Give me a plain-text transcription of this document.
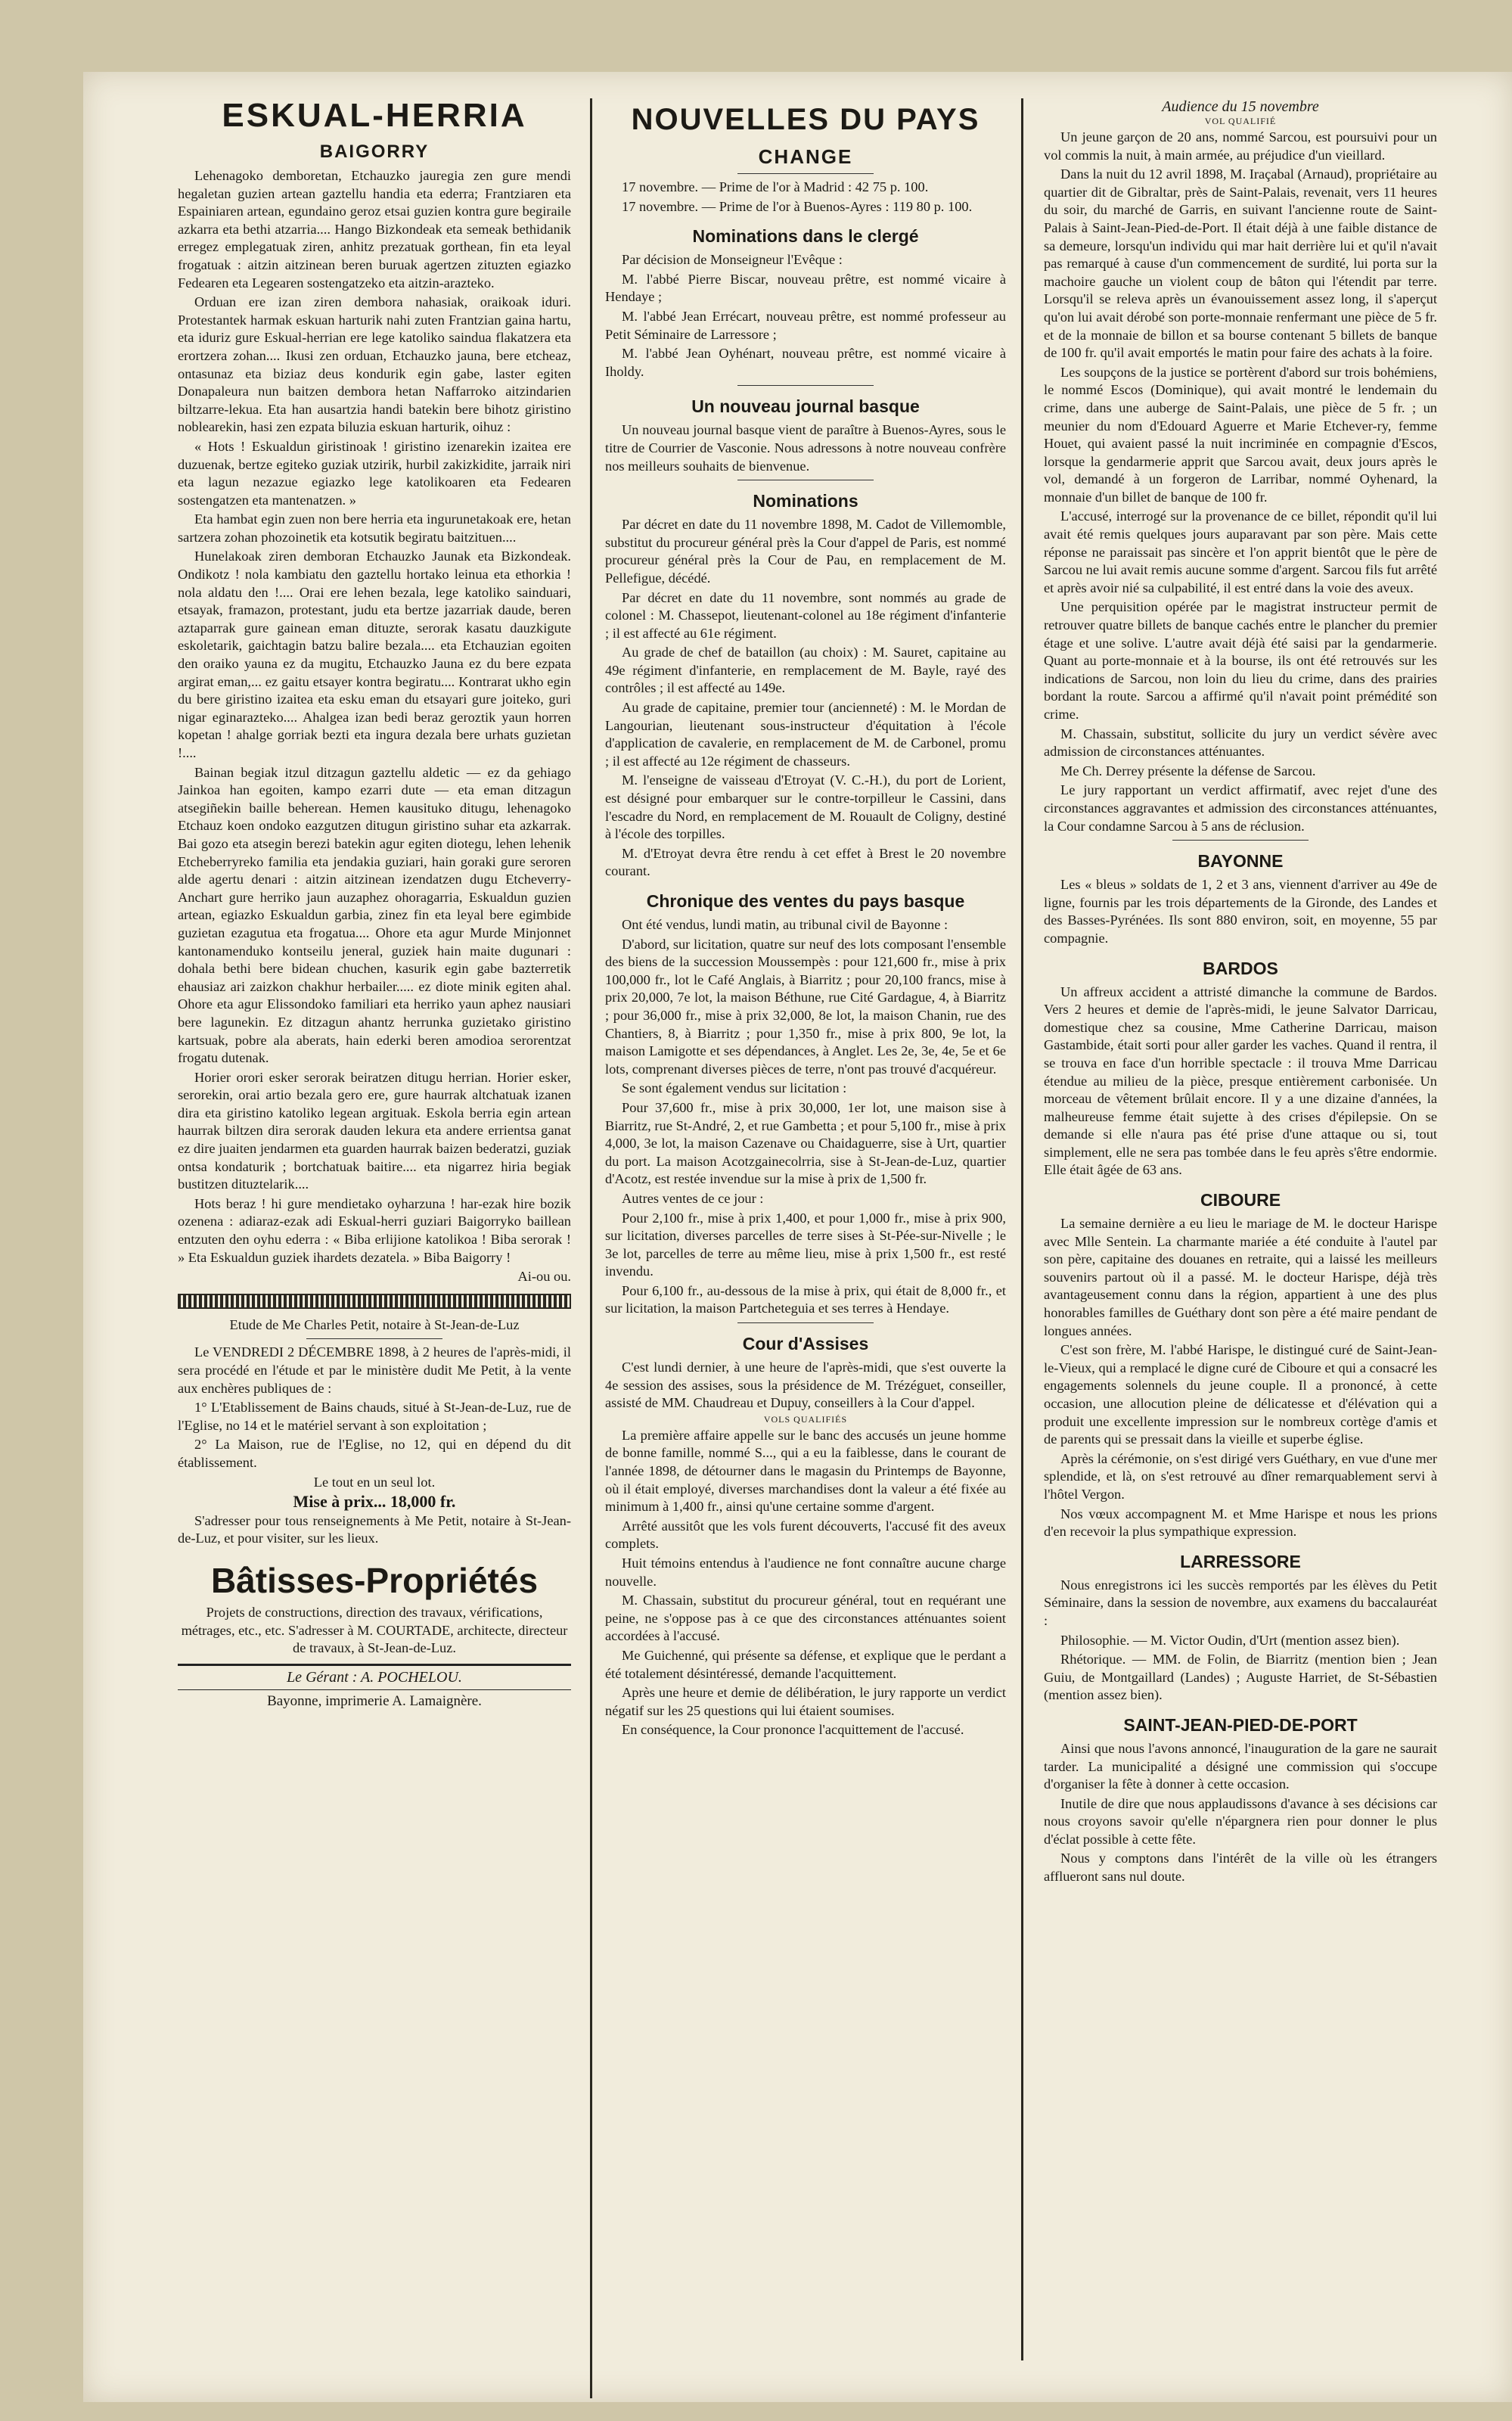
ESKUAL-HERRIA
BAIGORRY

Lehenagoko demboretan, Etchauzko jauregia zen gure mendi hegaletan guzien artean gaztellu handia eta ederra; Frantziaren eta Espainiaren artean, egundaino geroz etsai guzien kontra gure begiraile azkarra eta bethi atzarria.... Hango Bizkondeak eta semeak bethidanik erregez emplegatuak ziren, anhitz prezatuak gorthean, fin eta leyal frogatuak : aitzin aitzinean beren buruak agertzen zituzten egiazko Fedearen eta Legearen sostengatzeko eta aitzin-arazteko.

Orduan ere izan ziren dembora nahasiak, oraikoak iduri. Protestantek harmak eskuan harturik nahi zuten Frantzian gaina hartu, eta iduriz gure Eskual-herrian ere lege katoliko saindua flakatzera eta erortzera zohan.... Ikusi zen orduan, Etchauzko jauna, bere etcheaz, ontasunaz eta biziaz deus kondurik egin gabe, laster egiten Donapaleura nun baitzen dembora hetan Naffarroko aitzindarien biltzarre-lekua. Eta han ausartzia handi batekin bere bihotz giristino noblearekin, hasi zen ezpata biluzia eskuan harturik, oihuz :

« Hots ! Eskualdun giristinoak ! giristino izenarekin izaitea ere duzuenak, bertze egiteko guziak utzirik, hurbil zakizkidite, jarraik niri eta lagun nezazue egiazko lege katolikoaren eta Fedearen sostengatzen eta mantenatzen. »

Eta hambat egin zuen non bere herria eta ingurunetakoak ere, hetan sartzera zohan phozoinetik eta kotsutik begiratu baitzituen....

Hunelakoak ziren demboran Etchauzko Jaunak eta Bizkondeak. Ondikotz ! nola kambiatu den gaztellu hortako leinua eta ethorkia ! nola aldatu den !.... Orai ere lehen bezala, lege katoliko sainduari, etsayak, framazon, protestant, judu eta bertze jazarriak daude, beren aztaparrak gure gainean eman dituzte, serorak kasatu dauzkigute eskoletarik, gaichtagin batzu balire bezala.... eta Etchauzian egoiten den oraiko yauna ez da mugitu, Etchauzko Jauna ez du bere ezpata argirat eman,... ez gaitu etsayer kontra begiratu.... Kontrarat ukho egin du bere giristino izaitea eta esku eman du etsayari gure joiteko, guri nigar eginarazteko.... Ahalgea izan bedi beraz geroztik yaun horren kopetan ! ahalge gorriak bezti eta ingura dezala bere urhats guzietan !....

Bainan begiak itzul ditzagun gaztellu aldetic — ez da gehiago Jainkoa han egoiten, kampo ezarri dute — eta eman ditzagun atsegiñekin baille beherean. Hemen kausituko ditugu, lehenagoko Etchauz koen ondoko eazgutzen ditugun giristino suhar eta azkarrak. Bai gozo eta atsegin berezi batekin agur egiten diotegu, lehen lehenik Etcheberryreko familia eta jendakia guziari, hain goraki gure seroren alde agertu denari : aitzin aitzinean izendatzen dugu Etcheverry-Anchart gure herriko jaun auzaphez ohoragarria, Eskualdun guzien artean, egiazko Eskualdun garbia, zinez fin eta leyal bere egimbide guzietan ezagutua eta frogatua.... Ohore eta agur Murde Minjonnet kantonamenduko kontseilu jeneral, guziek hain maite dugunari : dohala bethi bere bidean chuchen, kasurik egin gabe bazterretik ehausiaz ari zaizkon chakhur herbailer..... ez diote minik egiten ahal. Ohore eta agur Elissondoko familiari eta herriko yaun aphez nausiari bere lagunekin. Ez ditzagun ahantz herrunka guzietako giristino kartsuak, pobre ala aberats, hain ederki beren amodioa serorentzat frogatu dutenak.

Horier orori esker serorak beiratzen ditugu herrian. Horier esker, serorekin, orai artio bezala gero ere, gure haurrak altchatuak izanen dira eta giristino katoliko legean argituak. Eskola berria egin artean haurrak biltzen dira serorak dauden lekura eta andere errientsa ganat ez dire juaiten jendarmen eta guarden haurrak baizen bederatzi, guziak ontsa kondaturik ; bortchatuak baitire.... eta nigarrez hiria begiak bustitzen dituztelarik....

Hots beraz ! hi gure mendietako oyharzuna ! har-ezak hire bozik ozenena : adiaraz-ezak adi Eskual-herri guziari Baigorryko baillean entzuten den oyhu ederra : « Biba erlijione katolikoa ! Biba serorak ! » Eta Eskualdun guziek ihardets dezatela. » Biba Baigorry !

Ai-ou ou.

Etude de Me Charles Petit, notaire à St-Jean-de-Luz

Le VENDREDI 2 DÉCEMBRE 1898, à 2 heures de l'après-midi, il sera procédé en l'étude et par le ministère dudit Me Petit, à la vente aux enchères publiques de :

1° L'Etablissement de Bains chauds, situé à St-Jean-de-Luz, rue de l'Eglise, no 14 et le matériel servant à son exploitation ;

2° La Maison, rue de l'Eglise, no 12, qui en dépend du dit établissement.

Le tout en un seul lot.

Mise à prix... 18,000 fr.

S'adresser pour tous renseignements à Me Petit, notaire à St-Jean-de-Luz, et pour visiter, sur les lieux.

Bâtisses-Propriétés

Projets de constructions, direction des travaux, vérifications, métrages, etc., etc. S'adresser à M. COURTADE, architecte, directeur de travaux, à St-Jean-de-Luz.

Le Gérant : A. POCHELOU.
Bayonne, imprimerie A. Lamaignère.
NOUVELLES DU PAYS
CHANGE

17 novembre. — Prime de l'or à Madrid : 42 75 p. 100.

17 novembre. — Prime de l'or à Buenos-Ayres : 119 80 p. 100.

Nominations dans le clergé

Par décision de Monseigneur l'Evêque :

M. l'abbé Pierre Biscar, nouveau prêtre, est nommé vicaire à Hendaye ;

M. l'abbé Jean Errécart, nouveau prêtre, est nommé professeur au Petit Séminaire de Larressore ;

M. l'abbé Jean Oyhénart, nouveau prêtre, est nommé vicaire à Iholdy.

Un nouveau journal basque

Un nouveau journal basque vient de paraître à Buenos-Ayres, sous le titre de Courrier de Vasconie. Nous adressons à notre nouveau confrère nos meilleurs souhaits de bienvenue.

Nominations

Par décret en date du 11 novembre 1898, M. Cadot de Villemomble, substitut du procureur général près la Cour d'appel de Paris, est nommé procureur général près la Cour de Pau, en remplacement de M. Pellefigue, décédé.

Par décret en date du 11 novembre, sont nommés au grade de colonel : M. Chassepot, lieutenant-colonel au 18e régiment d'infanterie ; il est affecté au 61e régiment.

Au grade de chef de bataillon (au choix) : M. Sauret, capitaine au 49e régiment d'infanterie, en remplacement de M. Bayle, rayé des contrôles ; il est affecté au 149e.

Au grade de capitaine, premier tour (ancienneté) : M. le Mordan de Langourian, lieutenant sous-instructeur d'équitation à l'école d'application de cavalerie, en remplacement de M. de Carbonel, promu ; il est affecté au 12e régiment de chasseurs.

M. l'enseigne de vaisseau d'Etroyat (V. C.-H.), du port de Lorient, est désigné pour embarquer sur le contre-torpilleur le Cassini, dans l'escadre du Nord, en remplacement de M. Rouault de Coligny, destiné à l'école des torpilles.

M. d'Etroyat devra être rendu à cet effet à Brest le 20 novembre courant.

Chronique des ventes du pays basque

Ont été vendus, lundi matin, au tribunal civil de Bayonne :

D'abord, sur licitation, quatre sur neuf des lots composant l'ensemble des biens de la succession Moussempès : pour 121,600 fr., mise à prix 100,000 fr., lot le Café Anglais, à Biarritz ; pour 20,100 francs, mise à prix 20,000, 7e lot, la maison Béthune, rue Cité Gardague, 4, à Biarritz ; pour 36,000 fr., mise à prix 32,000, 8e lot, la maison Chanin, rue des Chantiers, 8, à Biarritz ; pour 1,350 fr., mise à prix 800, 9e lot, la maison Lamigotte et ses dépendances, à Anglet. Les 2e, 3e, 4e, 5e et 6e lots, comprenant diverses pièces de terre, n'ont pas trouvé d'acquéreur.

Se sont également vendus sur licitation :

Pour 37,600 fr., mise à prix 30,000, 1er lot, une maison sise à Biarritz, rue St-André, 2, et rue Gambetta ; et pour 5,100 fr., mise à prix 4,000, 3e lot, la maison Cazenave ou Chaidaguerre, sise à Urt, quartier du port. La maison Acotzgainecolrria, sise à St-Jean-de-Luz, quartier d'Acotz, est restée invendue sur la mise à prix de 1,500 fr.

Autres ventes de ce jour :

Pour 2,100 fr., mise à prix 1,400, et pour 1,000 fr., mise à prix 900, sur licitation, diverses parcelles de terre sises à St-Pée-sur-Nivelle ; le 3e lot, parcelles de terre au même lieu, mise à prix 1,500 fr., est resté invendu.

Pour 6,100 fr., au-dessous de la mise à prix, qui était de 8,000 fr., et sur licitation, la maison Partcheteguia et ses terres à Hendaye.

Cour d'Assises

C'est lundi dernier, à une heure de l'après-midi, que s'est ouverte la 4e session des assises, sous la présidence de M. Trézéguet, conseiller, assisté de MM. Chaudreau et Dupuy, conseillers à la Cour d'appel.

VOLS QUALIFIÉS

La première affaire appelle sur le banc des accusés un jeune homme de bonne famille, nommé S..., qui a eu la faiblesse, dans le courant de l'année 1898, de détourner dans le magasin du Printemps de Bayonne, où il était employé, diverses marchandises dont la valeur a été fixée au minimum à 1,400 fr., ainsi qu'une certaine somme d'argent.

Arrêté aussitôt que les vols furent découverts, l'accusé fit des aveux complets.

Huit témoins entendus à l'audience ne font connaître aucune charge nouvelle.

M. Chassain, substitut du procureur général, tout en requérant une peine, ne s'oppose pas à ce que des circonstances atténuantes soient accordées à l'accusé.

Me Guichenné, qui présente sa défense, et explique que le perdant a été totalement désintéressé, demande l'acquittement.

Après une heure et demie de délibération, le jury rapporte un verdict négatif sur les 25 questions qui lui étaient soumises.

En conséquence, la Cour prononce l'acquittement de l'accusé.

Audience du 15 novembre
VOL QUALIFIÉ

Un jeune garçon de 20 ans, nommé Sarcou, est poursuivi pour un vol commis la nuit, à main armée, au préjudice d'un vieillard.

Dans la nuit du 12 avril 1898, M. Iraçabal (Arnaud), propriétaire au quartier dit de Gibraltar, près de Saint-Palais, revenait, vers 11 heures du soir, du marché de Garris, en suivant l'ancienne route de Saint-Palais à Saint-Jean-Pied-de-Port. Il était déjà à une faible distance de sa demeure, lorsqu'un individu qui mar hait derrière lui et qu'il n'avait pas remarqué à cause d'un commencement de surdité, lui porta sur la machoire gauche un violent coup de bâton qui l'étendit par terre. Lorsqu'il se releva après un évanouissement assez long, il s'aperçut qu'on lui avait dérobé son porte-monnaie renfermant une pièce de 5 fr. et de la monnaie de billon et sa bourse contenant 5 billets de banque de 100 fr. qu'il avait emportés le matin pour faire des achats à la foire.

Les soupçons de la justice se portèrent d'abord sur trois bohémiens, le nommé Escos (Dominique), qui avait montré le lendemain du crime, dans une auberge de Saint-Palais, une pièce de 5 fr. ; un meunier du nom d'Edouard Aguerre et Marie Etchever-ry, femme Houet, qui avaient passé la nuit incriminée en compagnie d'Escos, lorsque la gendarmerie apprit que Sarcou avait, deux jours après le vol, demandé à un forgeron de Larribar, nommé Oyhenard, la monnaie d'un billet de banque de 100 fr.

L'accusé, interrogé sur la provenance de ce billet, répondit qu'il lui avait été remis quelques jours auparavant par son père. Mais cette réponse ne paraissait pas sincère et l'on apprit bientôt que le père de Sarcou ne lui avait remis aucune somme d'argent. Sarcou fils fut arrêté et après avoir nié sa culpabilité, il est entré dans la voie des aveux.

Une perquisition opérée par le magistrat instructeur permit de retrouver quatre billets de banque cachés entre le plancher du premier étage et une solive. L'autre avait déjà été saisi par la gendarmerie. Quant au porte-monnaie et à la bourse, ils ont été retrouvés sur les indications de Sarcou, non loin du lieu du crime, dans des prairies bordant la route. Sarcou a affirmé qu'il n'avait point prémédité son crime.

M. Chassain, substitut, sollicite du jury un verdict sévère avec admission de circonstances atténuantes.

Me Ch. Derrey présente la défense de Sarcou.

Le jury rapportant un verdict affirmatif, avec rejet d'une des circonstances aggravantes et admission des circonstances atténuantes, la Cour condamne Sarcou à 5 ans de réclusion.

BAYONNE

Les « bleus » soldats de 1, 2 et 3 ans, viennent d'arriver au 49e de ligne, fournis par les trois départements de la Gironde, des Landes et des Basses-Pyrénées. Ils sont 880 environ, soit, en moyenne, 55 par compagnie.

BARDOS

Un affreux accident a attristé dimanche la commune de Bardos. Vers 2 heures et demie de l'après-midi, le jeune Salvator Darricau, domestique chez sa cousine, Mme Catherine Darricau, maison Gastambide, était sorti pour aller garder les vaches. Quand il rentra, il se trouva en face d'un horrible spectacle : il trouva Mme Darricau étendue au milieu de la pièce, presque entièrement carbonisée. Un morceau de vêtement brûlait encore. Il y a une dizaine d'années, la malheureuse femme était sujette à des crises d'épilepsie. On se demande si elle n'aura pas été prise d'une attaque ou si, tout simplement, elle ne sera pas tombée dans le feu après s'être endormie. Elle était âgée de 63 ans.

CIBOURE

La semaine dernière a eu lieu le mariage de M. le docteur Harispe avec Mlle Sentein. La charmante mariée a été conduite à l'autel par son père, capitaine des douanes en retraite, qui a laissé les meilleurs souvenirs partout où il a passé. M. le docteur Harispe, déjà très avantageusement connu dans la région, appartient à une des plus honorables familles de Guéthary dont son père a été maire pendant de longues années.

C'est son frère, M. l'abbé Harispe, le distingué curé de Saint-Jean-le-Vieux, qui a remplacé le digne curé de Ciboure et qui a consacré les engagements solennels du jeune couple. Il a prononcé, à cette occasion, une allocution pleine de délicatesse et d'élévation qui a produit une excellente impression sur le nombreux cortège d'amis et de parents qui se pressait dans la vieille et superbe église.

Après la cérémonie, on s'est dirigé vers Guéthary, en vue d'une mer splendide, et là, on s'est retrouvé au dîner remarquablement servi à l'hôtel Vergon.

Nos vœux accompagnent M. et Mme Harispe et nous les prions d'en recevoir la plus sympathique expression.

LARRESSORE

Nous enregistrons ici les succès remportés par les élèves du Petit Séminaire, dans la session de novembre, aux examens du baccalauréat :

Philosophie. — M. Victor Oudin, d'Urt (mention assez bien).

Rhétorique. — MM. de Folin, de Biarritz (mention bien ; Jean Guiu, de Montgaillard (Landes) ; Auguste Harriet, de St-Sébastien (mention assez bien).

SAINT-JEAN-PIED-DE-PORT

Ainsi que nous l'avons annoncé, l'inauguration de la gare ne saurait tarder. La municipalité a désigné une commission qui s'occupe d'organiser la fête à donner à cette occasion.

Inutile de dire que nous applaudissons d'avance à ses décisions car nous croyons savoir qu'elle n'épargnera rien pour donner le plus d'éclat possible à cette fête.

Nous y comptons dans l'intérêt de la ville où les étrangers afflueront sans nul doute.
